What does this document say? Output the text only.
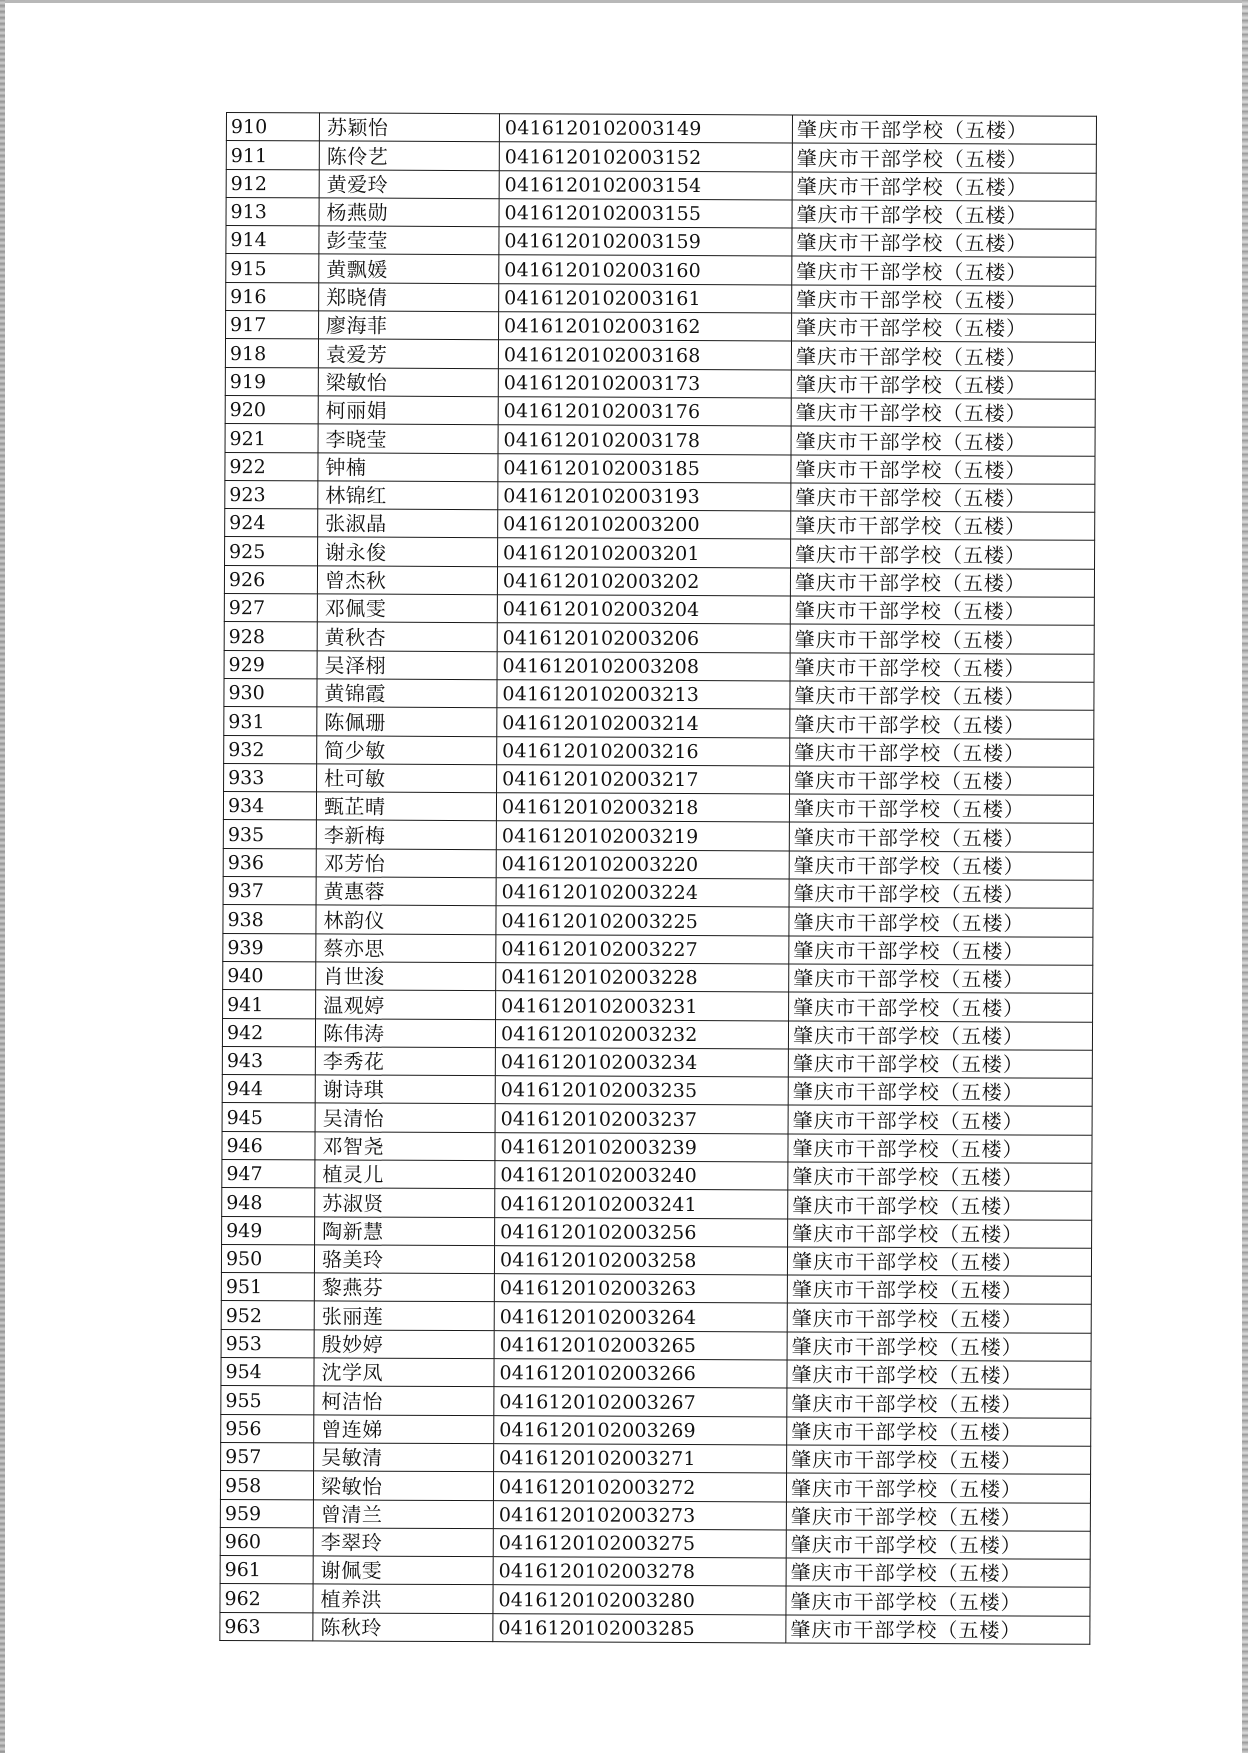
910	苏颖怡	0416120102003149	肇庆市干部学校（五楼）
911	陈伶艺	0416120102003152	肇庆市干部学校（五楼）
912	黄爱玲	0416120102003154	肇庆市干部学校（五楼）
913	杨燕勋	0416120102003155	肇庆市干部学校（五楼）
914	彭莹莹	0416120102003159	肇庆市干部学校（五楼）
915	黄飘媛	0416120102003160	肇庆市干部学校（五楼）
916	郑晓倩	0416120102003161	肇庆市干部学校（五楼）
917	廖海菲	0416120102003162	肇庆市干部学校（五楼）
918	袁爱芳	0416120102003168	肇庆市干部学校（五楼）
919	梁敏怡	0416120102003173	肇庆市干部学校（五楼）
920	柯丽娟	0416120102003176	肇庆市干部学校（五楼）
921	李晓莹	0416120102003178	肇庆市干部学校（五楼）
922	钟楠	0416120102003185	肇庆市干部学校（五楼）
923	林锦红	0416120102003193	肇庆市干部学校（五楼）
924	张淑晶	0416120102003200	肇庆市干部学校（五楼）
925	谢永俊	0416120102003201	肇庆市干部学校（五楼）
926	曾杰秋	0416120102003202	肇庆市干部学校（五楼）
927	邓佩雯	0416120102003204	肇庆市干部学校（五楼）
928	黄秋杏	0416120102003206	肇庆市干部学校（五楼）
929	吴泽栩	0416120102003208	肇庆市干部学校（五楼）
930	黄锦霞	0416120102003213	肇庆市干部学校（五楼）
931	陈佩珊	0416120102003214	肇庆市干部学校（五楼）
932	简少敏	0416120102003216	肇庆市干部学校（五楼）
933	杜可敏	0416120102003217	肇庆市干部学校（五楼）
934	甄芷晴	0416120102003218	肇庆市干部学校（五楼）
935	李新梅	0416120102003219	肇庆市干部学校（五楼）
936	邓芳怡	0416120102003220	肇庆市干部学校（五楼）
937	黄惠蓉	0416120102003224	肇庆市干部学校（五楼）
938	林韵仪	0416120102003225	肇庆市干部学校（五楼）
939	蔡亦思	0416120102003227	肇庆市干部学校（五楼）
940	肖世浚	0416120102003228	肇庆市干部学校（五楼）
941	温观婷	0416120102003231	肇庆市干部学校（五楼）
942	陈伟涛	0416120102003232	肇庆市干部学校（五楼）
943	李秀花	0416120102003234	肇庆市干部学校（五楼）
944	谢诗琪	0416120102003235	肇庆市干部学校（五楼）
945	吴清怡	0416120102003237	肇庆市干部学校（五楼）
946	邓智尧	0416120102003239	肇庆市干部学校（五楼）
947	植灵儿	0416120102003240	肇庆市干部学校（五楼）
948	苏淑贤	0416120102003241	肇庆市干部学校（五楼）
949	陶新慧	0416120102003256	肇庆市干部学校（五楼）
950	骆美玲	0416120102003258	肇庆市干部学校（五楼）
951	黎燕芬	0416120102003263	肇庆市干部学校（五楼）
952	张丽莲	0416120102003264	肇庆市干部学校（五楼）
953	殷妙婷	0416120102003265	肇庆市干部学校（五楼）
954	沈学凤	0416120102003266	肇庆市干部学校（五楼）
955	柯洁怡	0416120102003267	肇庆市干部学校（五楼）
956	曾连娣	0416120102003269	肇庆市干部学校（五楼）
957	吴敏清	0416120102003271	肇庆市干部学校（五楼）
958	梁敏怡	0416120102003272	肇庆市干部学校（五楼）
959	曾清兰	0416120102003273	肇庆市干部学校（五楼）
960	李翠玲	0416120102003275	肇庆市干部学校（五楼）
961	谢佩雯	0416120102003278	肇庆市干部学校（五楼）
962	植养洪	0416120102003280	肇庆市干部学校（五楼）
963	陈秋玲	0416120102003285	肇庆市干部学校（五楼）
